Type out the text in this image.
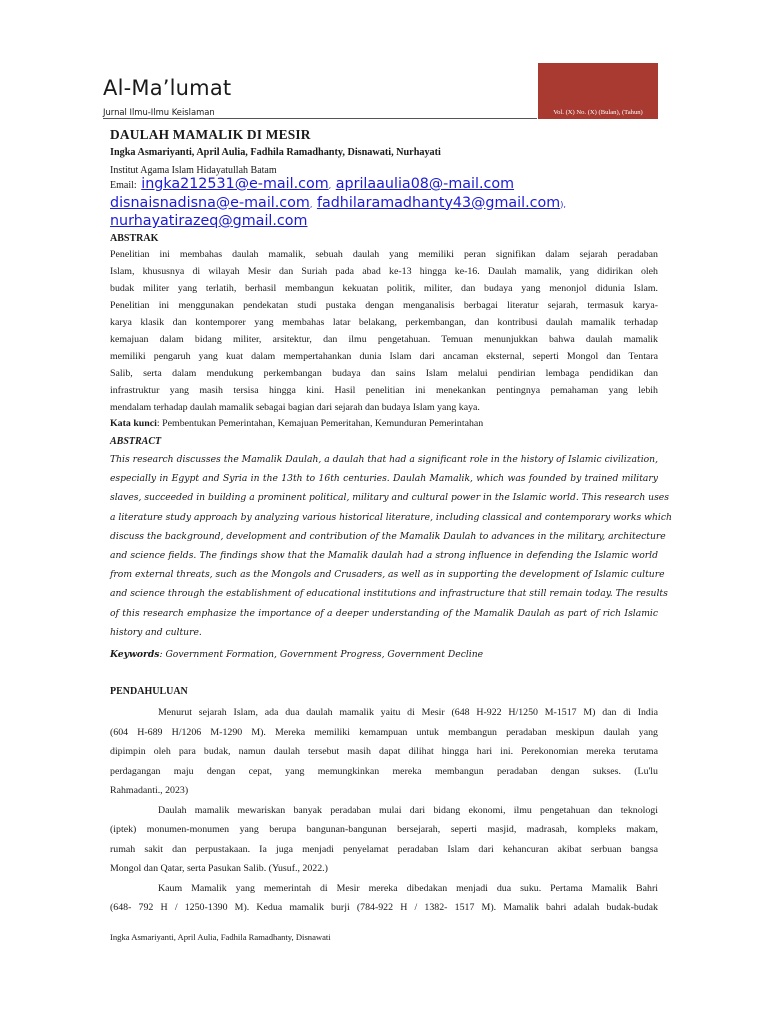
Al-Ma’lumat
Jurnal Ilmu-Ilmu Keislaman	Vol. (X) No. (X) (Bulan), (Tahun)
DAULAH MAMALIK DI MESIR
Ingka Asmariyanti, April Aulia, Fadhila Ramadhanty, Disnawati, Nurhayati
Institut Agama Islam Hidayatullah Batam
Email: ingka212531@e-mail.com, aprilaaulia08@-mail.com
disnaisnadisna@e-mail.com, fadhilaramadhanty43@gmail.com),
nurhayatirazeq@gmail.com
ABSTRAK
Penelitian ini membahas daulah mamalik, sebuah daulah yang memiliki peran signifikan dalam sejarah peradaban
Islam, khususnya di wilayah Mesir dan Suriah pada abad ke-13 hingga ke-16. Daulah mamalik, yang didirikan oleh
budak militer yang terlatih, berhasil membangun kekuatan politik, militer, dan budaya yang menonjol didunia Islam.
Penelitian ini menggunakan pendekatan studi pustaka dengan menganalisis berbagai literatur sejarah, termasuk karya-
karya klasik dan kontemporer yang membahas latar belakang, perkembangan, dan kontribusi daulah mamalik terhadap
kemajuan dalam bidang militer, arsitektur, dan ilmu pengetahuan. Temuan menunjukkan bahwa daulah mamalik
memiliki pengaruh yang kuat dalam mempertahankan dunia Islam dari ancaman eksternal, seperti Mongol dan Tentara
Salib, serta dalam mendukung perkembangan budaya dan sains Islam melalui pendirian lembaga pendidikan dan
infrastruktur yang masih tersisa hingga kini. Hasil penelitian ini menekankan pentingnya pemahaman yang lebih
mendalam terhadap daulah mamalik sebagai bagian dari sejarah dan budaya Islam yang kaya.
Kata kunci: Pembentukan Pemerintahan, Kemajuan Pemeritahan, Kemunduran Pemerintahan
ABSTRACT
This research discusses the Mamalik Daulah, a daulah that had a significant role in the history of Islamic civilization,
especially in Egypt and Syria in the 13th to 16th centuries. Daulah Mamalik, which was founded by trained military
slaves, succeeded in building a prominent political, military and cultural power in the Islamic world. This research uses
a literature study approach by analyzing various historical literature, including classical and contemporary works which
discuss the background, development and contribution of the Mamalik Daulah to advances in the military, architecture
and science fields. The findings show that the Mamalik daulah had a strong influence in defending the Islamic world
from external threats, such as the Mongols and Crusaders, as well as in supporting the development of Islamic culture
and science through the establishment of educational institutions and infrastructure that still remain today. The results
of this research emphasize the importance of a deeper understanding of the Mamalik Daulah as part of rich Islamic
history and culture.
Keywords: Government Formation, Government Progress, Government Decline
PENDAHULUAN
Menurut sejarah Islam, ada dua daulah mamalik yaitu di Mesir (648 H-922 H/1250 M-1517 M) dan di India
(604 H-689 H/1206 M-1290 M). Mereka memiliki kemampuan untuk membangun peradaban meskipun daulah yang
dipimpin oleh para budak, namun daulah tersebut masih dapat dilihat hingga hari ini. Perekonomian mereka terutama
perdagangan maju dengan cepat, yang memungkinkan mereka membangun peradaban dengan sukses. (Lu'lu
Rahmadanti., 2023)
Daulah mamalik mewariskan banyak peradaban mulai dari bidang ekonomi, ilmu pengetahuan dan teknologi
(iptek) monumen-monumen yang berupa bangunan-bangunan bersejarah, seperti masjid, madrasah, kompleks makam,
rumah sakit dan perpustakaan. Ia juga menjadi penyelamat peradaban Islam dari kehancuran akibat serbuan bangsa
Mongol dan Qatar, serta Pasukan Salib. (Yusuf., 2022.)
Kaum Mamalik yang memerintah di Mesir mereka dibedakan menjadi dua suku. Pertama Mamalik Bahri
(648- 792 H / 1250-1390 M). Kedua mamalik burji (784-922 H / 1382- 1517 M). Mamalik bahri adalah budak-budak
Ingka Asmariyanti, April Aulia, Fadhila Ramadhanty, Disnawati
